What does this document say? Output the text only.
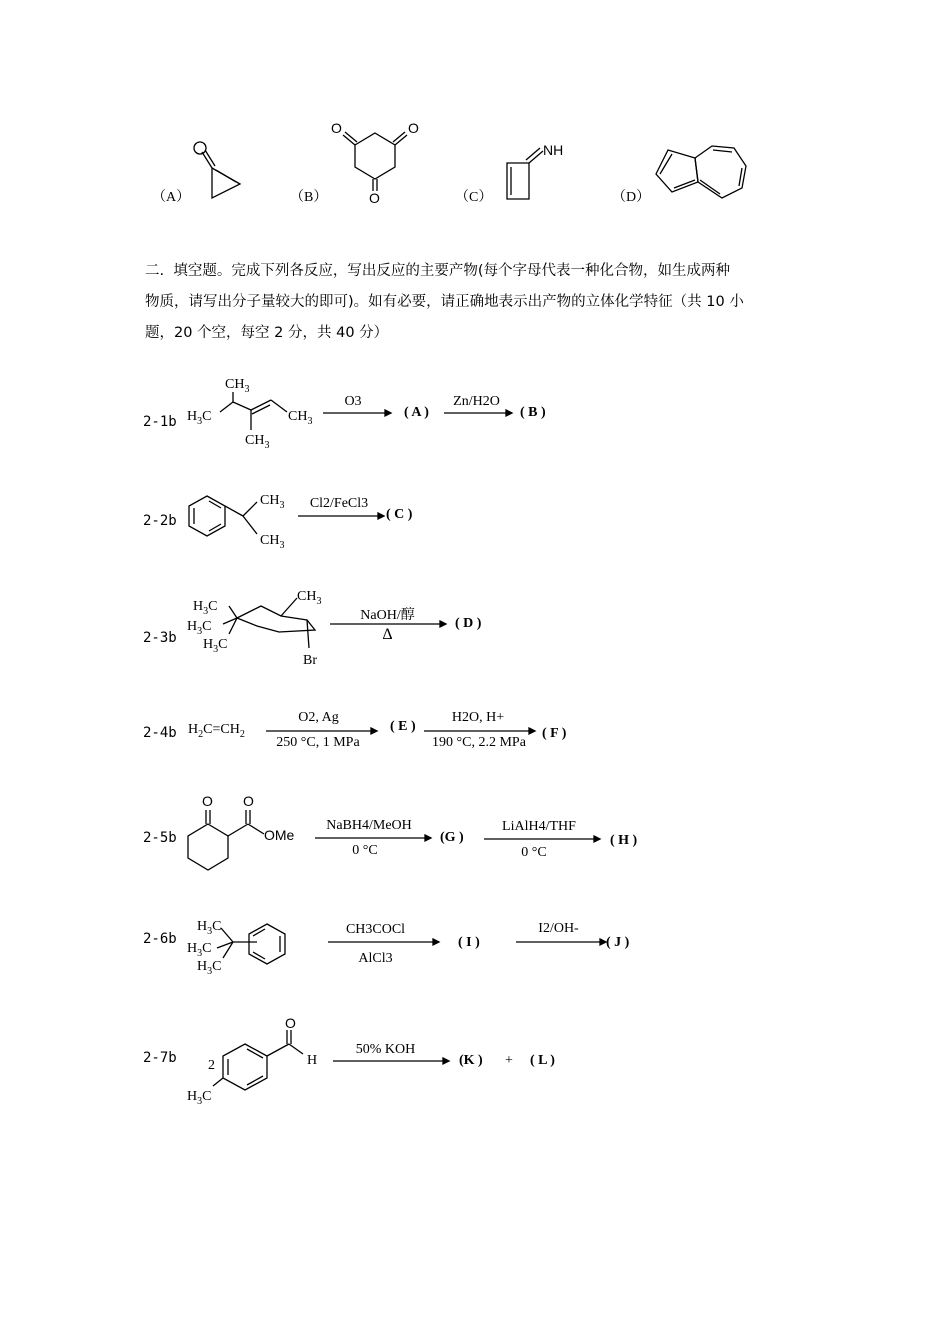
（A）	（B）
O	O
O	（C）
NH
（D）
二. 填空题。完成下列各反应，写出反应的主要产物(每个字母代表一种化合物，如生成两种
物质，请写出分子量较大的即可)。如有必要，请正确地表示出产物的立体化学特征（共 10 小
题，20 个空，每空 2 分，共 40 分）
2-1b
$CH_3$
$H_3C$	$CH_3$
$CH_3$
O3
( A )
Zn/H2O
( B )
2-2b
$CH_3$
$CH_3$
Cl2/FeCl3
( C )
2-3b
$H_3C$
$H_3C$
$H_3C$
$CH_3$
Br
NaOH/醇
Δ
( D )
2-4b $H_2C=CH_2$
O2, Ag
250 °C, 1 MPa
( E )
H2O, H+
190 °C, 2.2 MPa
( F )
2-5b
O O
OMe
NaBH4/MeOH
0 °C
(G )
LiAlH4/THF
0 °C
( H )
2-6b
$H_3C$
$H_3C$
$H_3C$
CH3COCl
AlCl3
( I )
I2/OH-
( J )
2-7b 2
O
H
$H_3C$
50% KOH
(K ) + ( L )
